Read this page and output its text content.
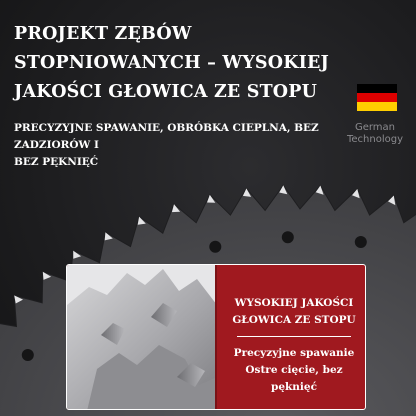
PROJEKT ZĘBÓW
STOPNIOWANYCH – WYSOKIEJ
JAKOŚCI GŁOWICA ZE STOPU

PRECYZYJNE SPAWANIE, OBRÓBKA CIEPLNA, BEZ ZADZIORÓW I
BEZ PĘKNIĘĆ

German
Technology

WYSOKIEJ JAKOŚCI
GŁOWICA ZE STOPU

Precyzyjne spawanie
Ostre cięcie, bez pęknięć
